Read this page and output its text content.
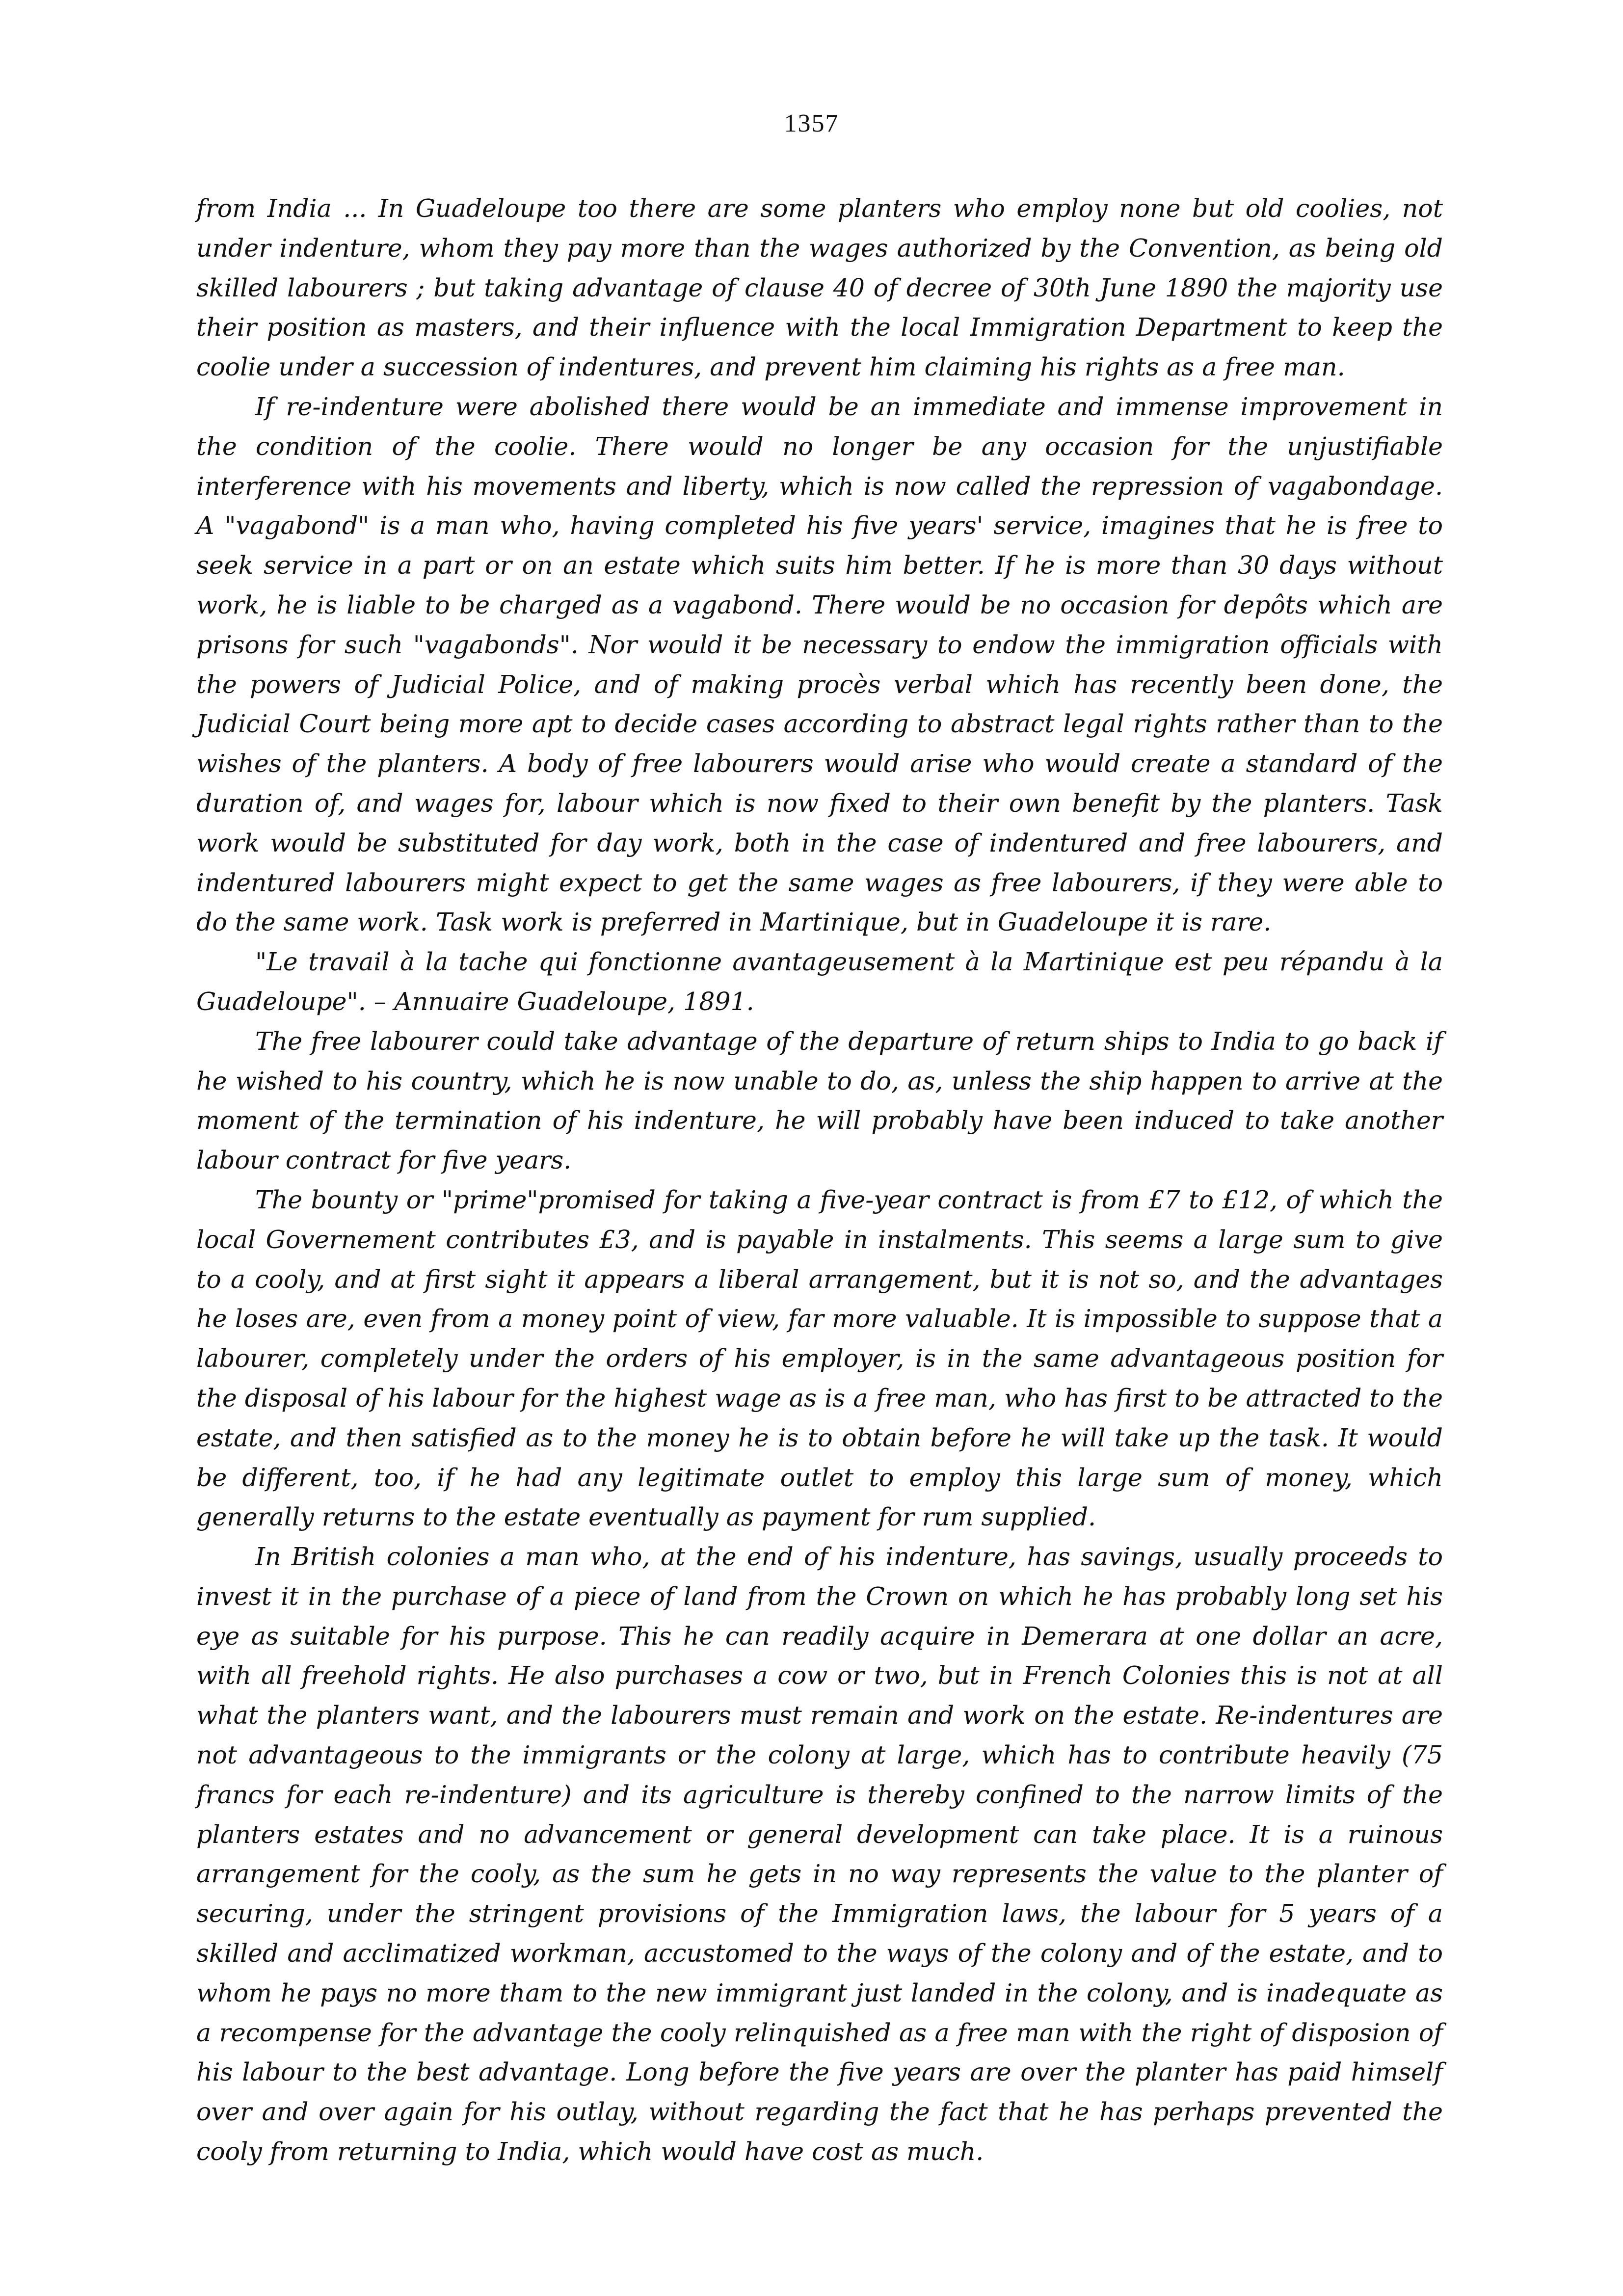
1357

from India ... In Guadeloupe too there are some planters who employ none but old coolies, not under indenture, whom they pay more than the wages authorized by the Convention, as being old skilled labourers ; but taking advantage of clause 40 of decree of 30th June 1890 the majority use their position as masters, and their influence with the local Immigration Department to keep the coolie under a succession of indentures, and prevent him claiming his rights as a free man.

If re-indenture were abolished there would be an immediate and immense improvement in the condition of the coolie. There would no longer be any occasion for the unjustifiable interference with his movements and liberty, which is now called the repression of vagabondage. A "vagabond" is a man who, having completed his five years' service, imagines that he is free to seek service in a part or on an estate which suits him better. If he is more than 30 days without work, he is liable to be charged as a vagabond. There would be no occasion for depôts which are prisons for such "vagabonds". Nor would it be necessary to endow the immigration officials with the powers of Judicial Police, and of making procès verbal which has recently been done, the Judicial Court being more apt to decide cases according to abstract legal rights rather than to the wishes of the planters. A body of free labourers would arise who would create a standard of the duration of, and wages for, labour which is now fixed to their own benefit by the planters. Task work would be substituted for day work, both in the case of indentured and free labourers, and indentured labourers might expect to get the same wages as free labourers, if they were able to do the same work. Task work is preferred in Martinique, but in Guadeloupe it is rare.

"Le travail à la tache qui fonctionne avantageusement à la Martinique est peu répandu à la Guadeloupe". – Annuaire Guadeloupe, 1891.

The free labourer could take advantage of the departure of return ships to India to go back if he wished to his country, which he is now unable to do, as, unless the ship happen to arrive at the moment of the termination of his indenture, he will probably have been induced to take another labour contract for five years.

The bounty or "prime"promised for taking a five-year contract is from £7 to £12, of which the local Governement contributes £3, and is payable in instalments. This seems a large sum to give to a cooly, and at first sight it appears a liberal arrangement, but it is not so, and the advantages he loses are, even from a money point of view, far more valuable. It is impossible to suppose that a labourer, completely under the orders of his employer, is in the same advantageous position for the disposal of his labour for the highest wage as is a free man, who has first to be attracted to the estate, and then satisfied as to the money he is to obtain before he will take up the task. It would be different, too, if he had any legitimate outlet to employ this large sum of money, which generally returns to the estate eventually as payment for rum supplied.

In British colonies a man who, at the end of his indenture, has savings, usually proceeds to invest it in the purchase of a piece of land from the Crown on which he has probably long set his eye as suitable for his purpose. This he can readily acquire in Demerara at one dollar an acre, with all freehold rights. He also purchases a cow or two, but in French Colonies this is not at all what the planters want, and the labourers must remain and work on the estate. Re-indentures are not advantageous to the immigrants or the colony at large, which has to contribute heavily (75 francs for each re-indenture) and its agriculture is thereby confined to the narrow limits of the planters estates and no advancement or general development can take place. It is a ruinous arrangement for the cooly, as the sum he gets in no way represents the value to the planter of securing, under the stringent provisions of the Immigration laws, the labour for 5 years of a skilled and acclimatized workman, accustomed to the ways of the colony and of the estate, and to whom he pays no more tham to the new immigrant just landed in the colony, and is inadequate as a recompense for the advantage the cooly relinquished as a free man with the right of disposion of his labour to the best advantage. Long before the five years are over the planter has paid himself over and over again for his outlay, without regarding the fact that he has perhaps prevented the cooly from returning to India, which would have cost as much.
